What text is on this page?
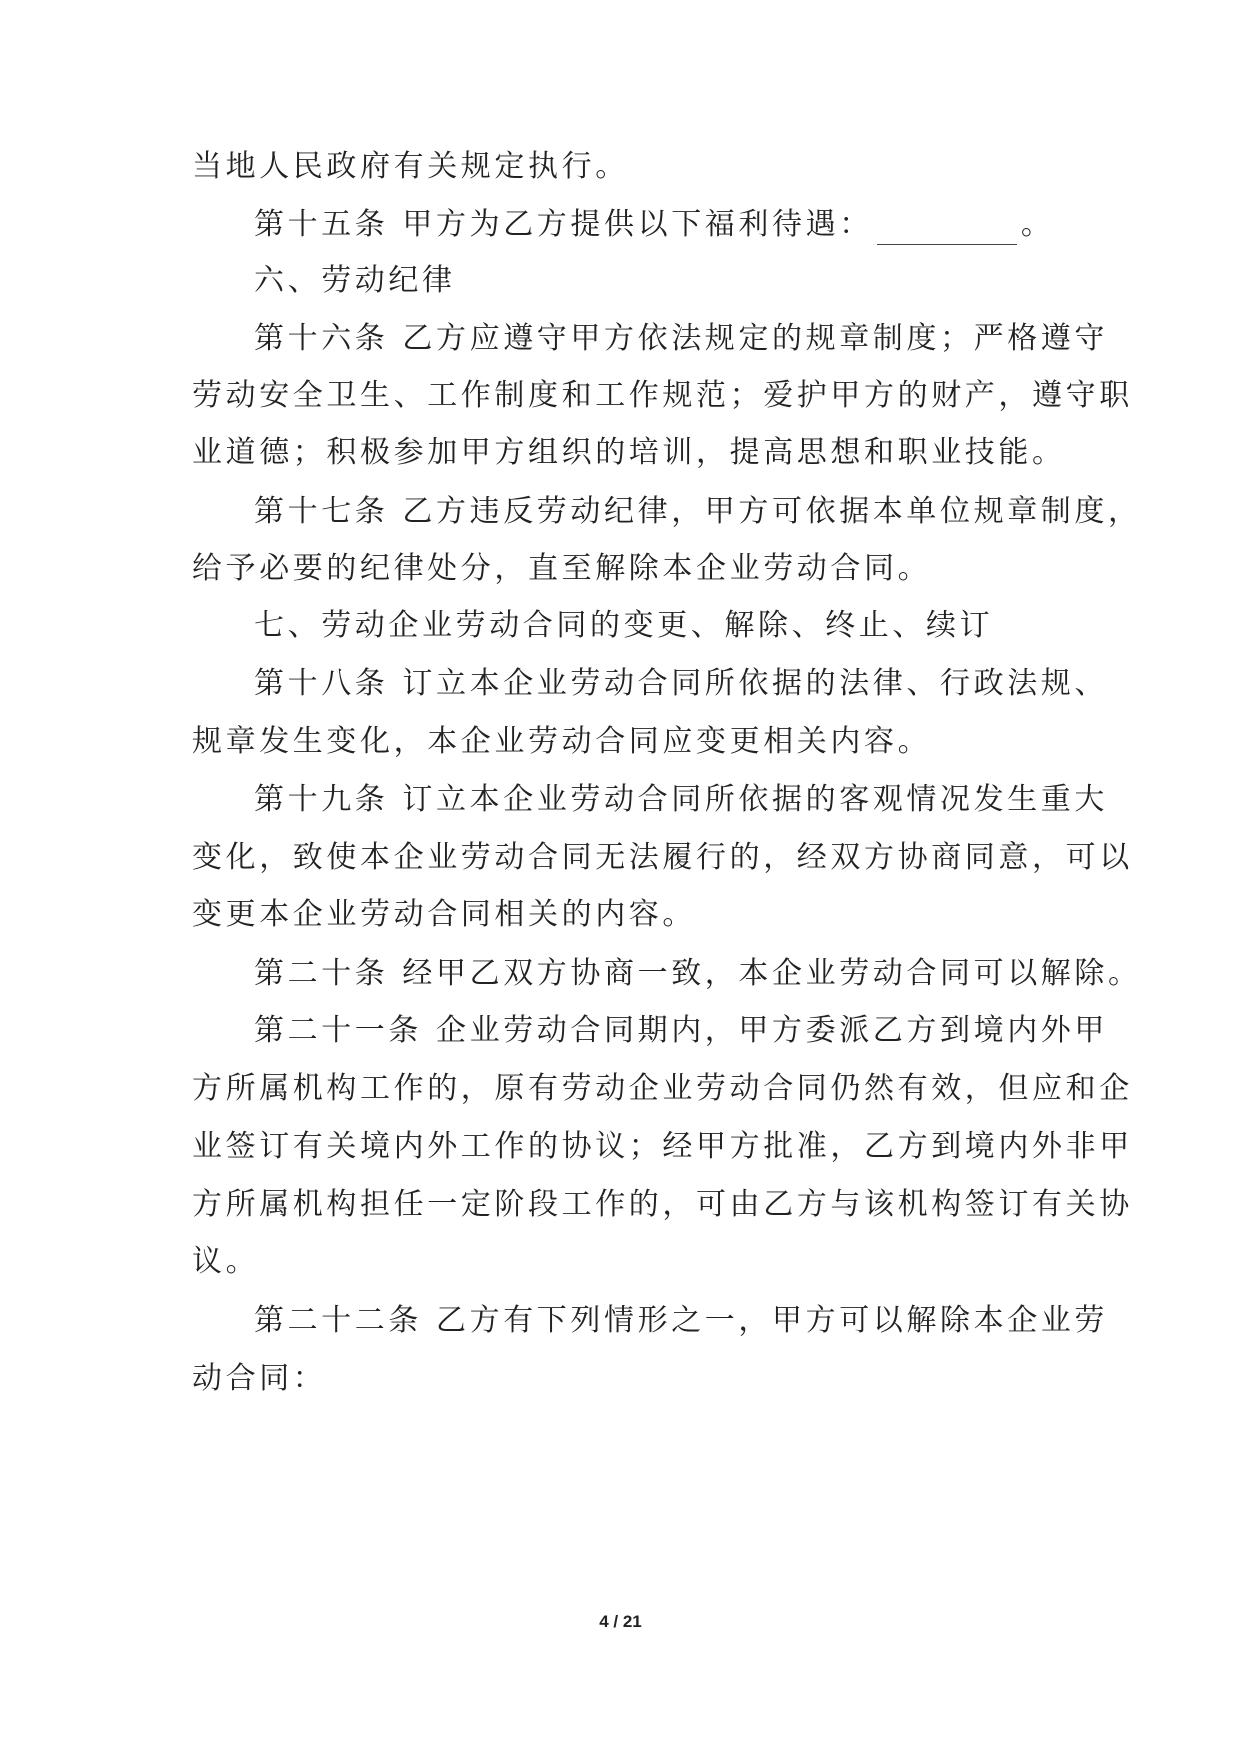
当地人民政府有关规定执行。
第十五条 甲方为乙方提供以下福利待遇：	。
六、劳动纪律
第十六条 乙方应遵守甲方依法规定的规章制度；严格遵守
劳动安全卫生、工作制度和工作规范；爱护甲方的财产，遵守职
业道德；积极参加甲方组织的培训，提高思想和职业技能。
第十七条 乙方违反劳动纪律，甲方可依据本单位规章制度，
给予必要的纪律处分，直至解除本企业劳动合同。
七、劳动企业劳动合同的变更、解除、终止、续订
第十八条 订立本企业劳动合同所依据的法律、行政法规、
规章发生变化，本企业劳动合同应变更相关内容。
第十九条 订立本企业劳动合同所依据的客观情况发生重大
变化，致使本企业劳动合同无法履行的，经双方协商同意，可以
变更本企业劳动合同相关的内容。
第二十条 经甲乙双方协商一致，本企业劳动合同可以解除。
第二十一条 企业劳动合同期内，甲方委派乙方到境内外甲
方所属机构工作的，原有劳动企业劳动合同仍然有效，但应和企
业签订有关境内外工作的协议；经甲方批准，乙方到境内外非甲
方所属机构担任一定阶段工作的，可由乙方与该机构签订有关协
议。
第二十二条 乙方有下列情形之一，甲方可以解除本企业劳
动合同：
4 / 21
